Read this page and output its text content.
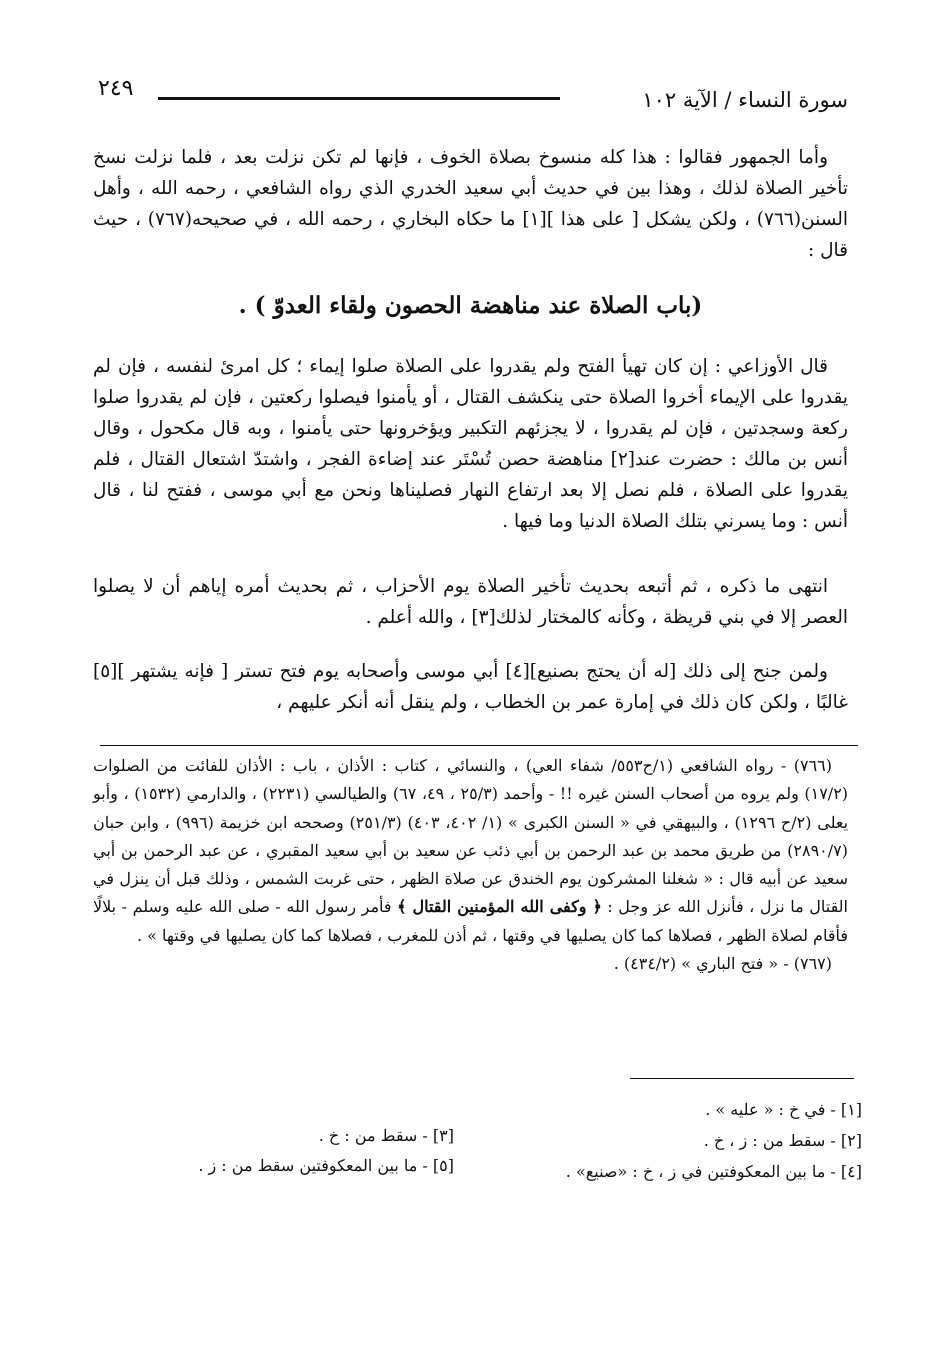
سورة النساء / الآية ١٠٢
٢٤٩

وأما الجمهور فقالوا : هذا كله منسوخ بصلاة الخوف ، فإنها لم تكن نزلت بعد ، فلما نزلت نسخ تأخير الصلاة لذلك ، وهذا بين في حديث أبي سعيد الخدري الذي رواه الشافعي ، رحمه الله ، وأهل السنن(٧٦٦) ، ولكن يشكل [ على هذا ][١] ما حكاه البخاري ، رحمه الله ، في صحيحه(٧٦٧) ، حيث قال :

(باب الصلاة عند مناهضة الحصون ولقاء العدوّ ) .

قال الأوزاعي : إن كان تهيأ الفتح ولم يقدروا على الصلاة صلوا إيماء ؛ كل امرئ لنفسه ، فإن لم يقدروا على الإيماء أخروا الصلاة حتى ينكشف القتال ، أو يأمنوا فيصلوا ركعتين ، فإن لم يقدروا صلوا ركعة وسجدتين ، فإن لم يقدروا ، لا يجزئهم التكبير ويؤخرونها حتى يأمنوا ، وبه قال مكحول ، وقال أنس بن مالك : حضرت عند[٢] مناهضة حصن تُسْتَر عند إضاءة الفجر ، واشتدّ اشتعال القتال ، فلم يقدروا على الصلاة ، فلم نصل إلا بعد ارتفاع النهار فصليناها ونحن مع أبي موسى ، ففتح لنا ، قال أنس : وما يسرني بتلك الصلاة الدنيا وما فيها .

انتهى ما ذكره ، ثم أتبعه بحديث تأخير الصلاة يوم الأحزاب ، ثم بحديث أمره إياهم أن لا يصلوا العصر إلا في بني قريظة ، وكأنه كالمختار لذلك[٣] ، والله أعلم .

ولمن جنح إلى ذلك [له أن يحتج بصنيع][٤] أبي موسى وأصحابه يوم فتح تستر [ فإنه يشتهر ][٥] غالبًا ، ولكن كان ذلك في إمارة عمر بن الخطاب ، ولم ينقل أنه أنكر عليهم ،

(٧٦٦) - رواه الشافعي (١/ح٥٥٣/ شفاء العي) ، والنسائي ، كتاب : الأذان ، باب : الأذان للفائت من الصلوات (١٧/٢) ولم يروه من أصحاب السنن غيره !! - وأحمد (٢٥/٣ ، ٤٩، ٦٧) والطيالسي (٢٢٣١) ، والدارمي (١٥٣٢) ، وأبو يعلى (٢/ح ١٢٩٦) ، والبيهقي في « السنن الكبرى » (١/ ٤٠٢، ٤٠٣) (٢٥١/٣) وصححه ابن خزيمة (٩٩٦) ، وابن حبان (٢٨٩٠/٧) من طريق محمد بن عبد الرحمن بن أبي ذئب عن سعيد بن أبي سعيد المقبري ، عن عبد الرحمن بن أبي سعيد عن أبيه قال : « شغلنا المشركون يوم الخندق عن صلاة الظهر ، حتى غربت الشمس ، وذلك قبل أن ينزل في القتال ما نزل ، فأنزل الله عز وجل : ﴿ وكفى الله المؤمنين القتال ﴾ فأمر رسول الله - صلى الله عليه وسلم - بلالًا فأقام لصلاة الظهر ، فصلاها كما كان يصليها في وقتها ، ثم أذن للمغرب ، فصلاها كما كان يصليها في وقتها » .

(٧٦٧) - « فتح الباري » (٤٣٤/٢) .

[١] - في خ : « عليه » .
[٢] - سقط من : ز ، خ .
[٣] - سقط من : خ .
[٤] - ما بين المعكوفتين في ز ، خ : «صنيع» .
[٥] - ما بين المعكوفتين سقط من : ز .
